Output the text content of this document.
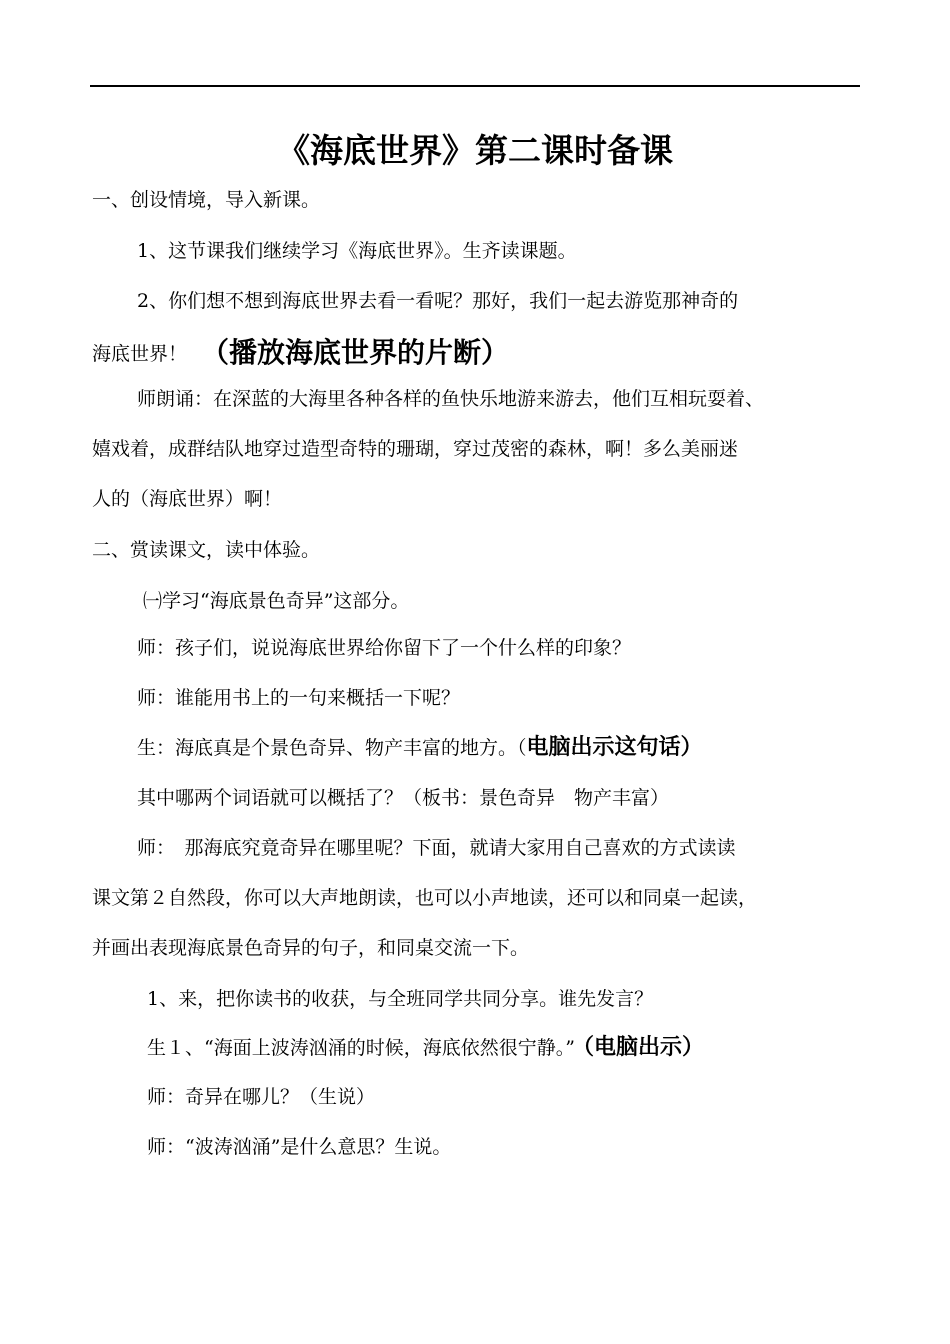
《海底世界》第二课时备课
一、创设情境，导入新课。
1、这节课我们继续学习《海底世界》。生齐读课题。
2、你们想不想到海底世界去看一看呢？那好，我们一起去游览那神奇的
海底世界！ （播放海底世界的片断）
师朗诵：在深蓝的大海里各种各样的鱼快乐地游来游去，他们互相玩耍着、
嬉戏着，成群结队地穿过造型奇特的珊瑚，穿过茂密的森林，啊！多么美丽迷
人的（海底世界）啊！
二、赏读课文，读中体验。
㈠学习“海底景色奇异”这部分。
师：孩子们，说说海底世界给你留下了一个什么样的印象？
师：谁能用书上的一句来概括一下呢？
生：海底真是个景色奇异、物产丰富的地方。（电脑出示这句话）
其中哪两个词语就可以概括了？（板书：景色奇异　物产丰富）
师：　那海底究竟奇异在哪里呢？下面，就请大家用自己喜欢的方式读读
课文第２自然段，你可以大声地朗读，也可以小声地读，还可以和同桌一起读，
并画出表现海底景色奇异的句子，和同桌交流一下。
1、来，把你读书的收获，与全班同学共同分享。谁先发言？
生１、“海面上波涛汹涌的时候，海底依然很宁静。” （电脑出示）
师：奇异在哪儿？（生说）
师：“波涛汹涌”是什么意思？生说。
